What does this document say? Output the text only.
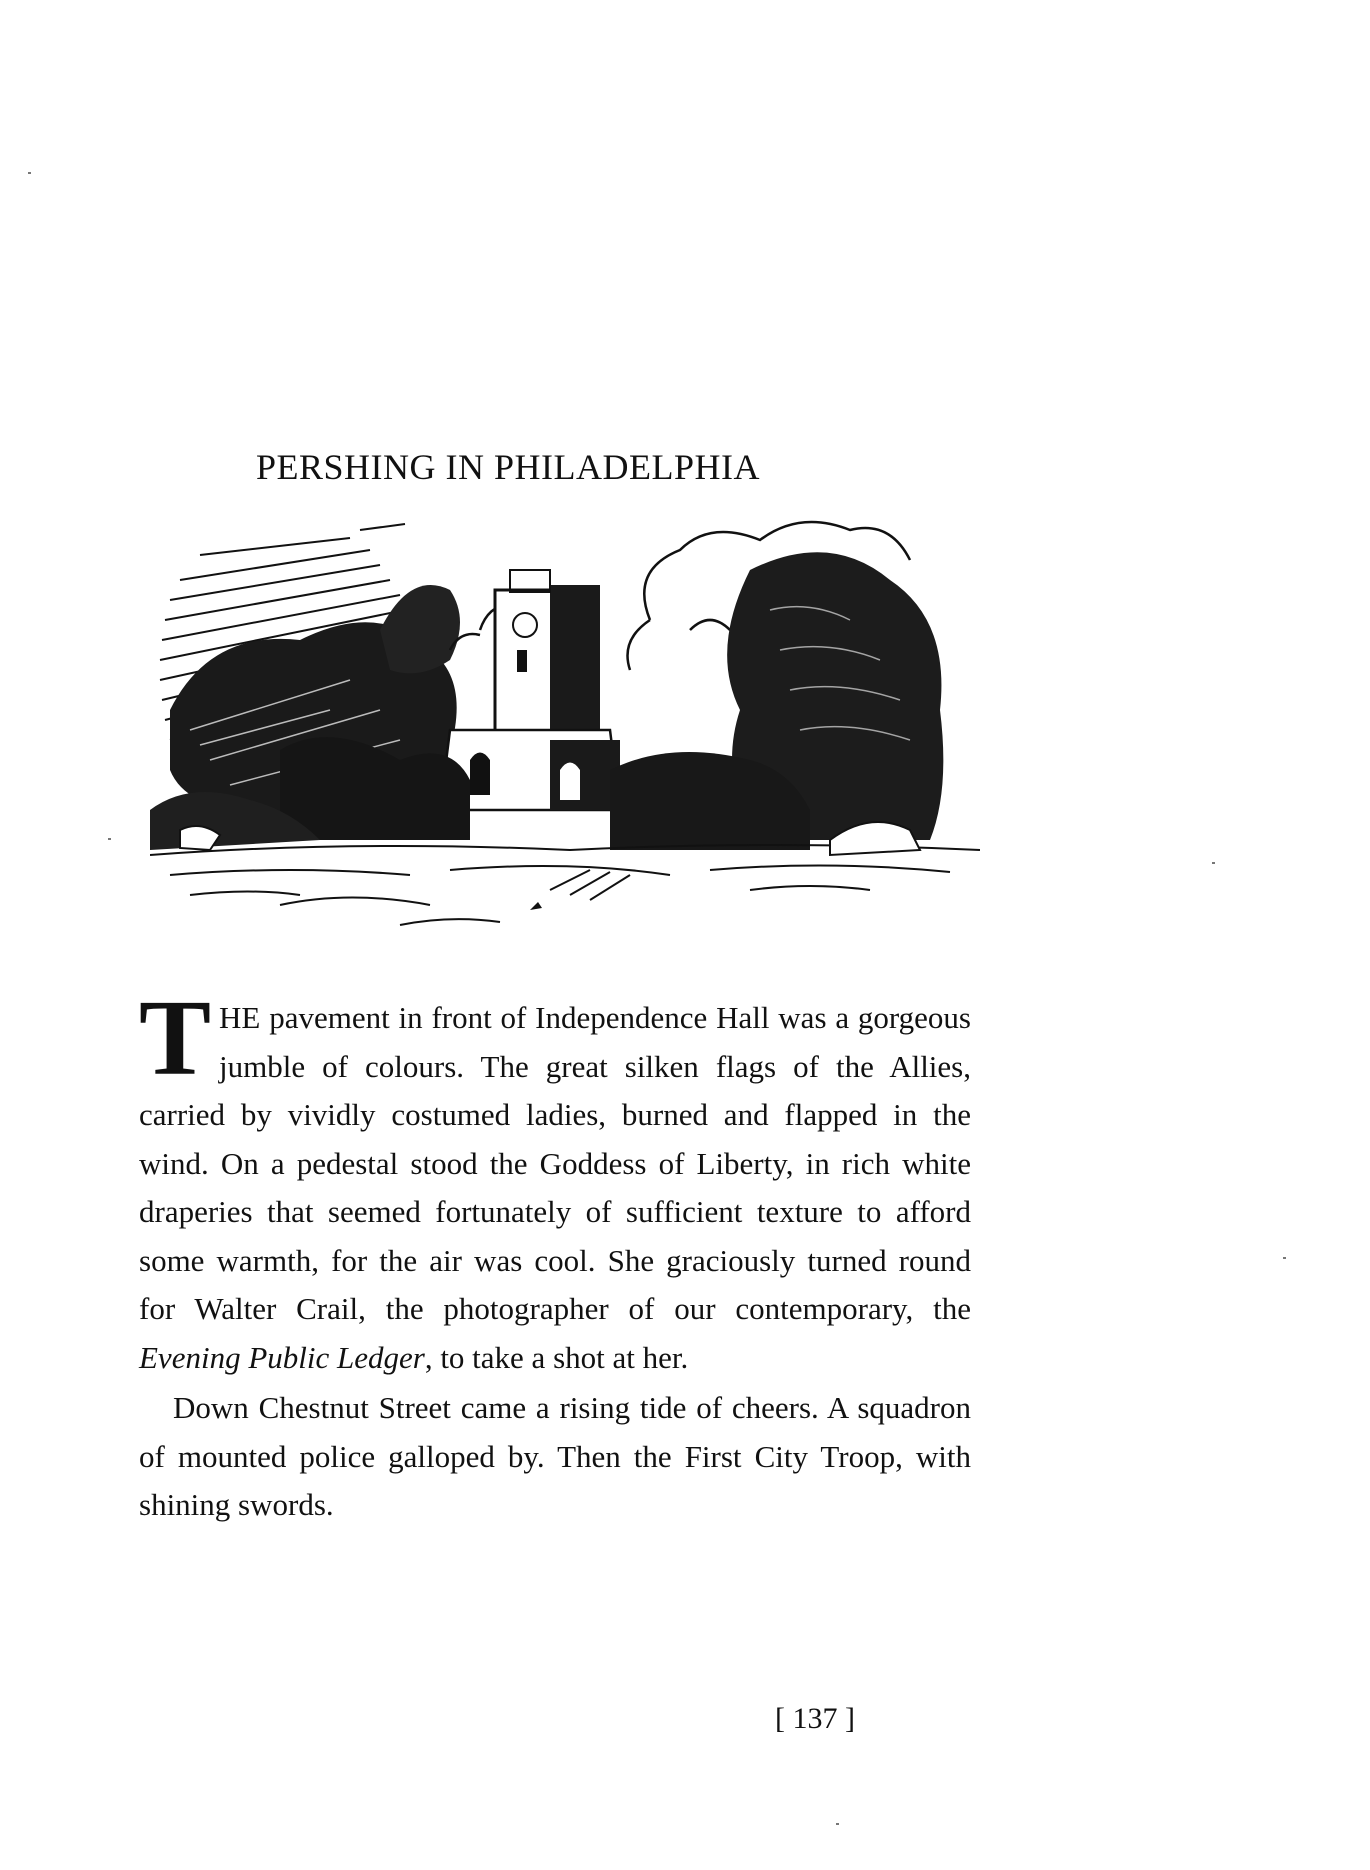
PERSHING IN PHILADELPHIA

THE pavement in front of Independence Hall was a gorgeous jumble of colours. The great silken flags of the Allies, carried by vividly costumed ladies, burned and flapped in the wind. On a pedestal stood the Goddess of Liberty, in rich white draperies that seemed fortunately of sufficient texture to afford some warmth, for the air was cool. She graciously turned round for Walter Crail, the photographer of our contemporary, the Evening Public Ledger, to take a shot at her.

Down Chestnut Street came a rising tide of cheers. A squadron of mounted police galloped by. Then the First City Troop, with shining swords.

[ 137 ]
